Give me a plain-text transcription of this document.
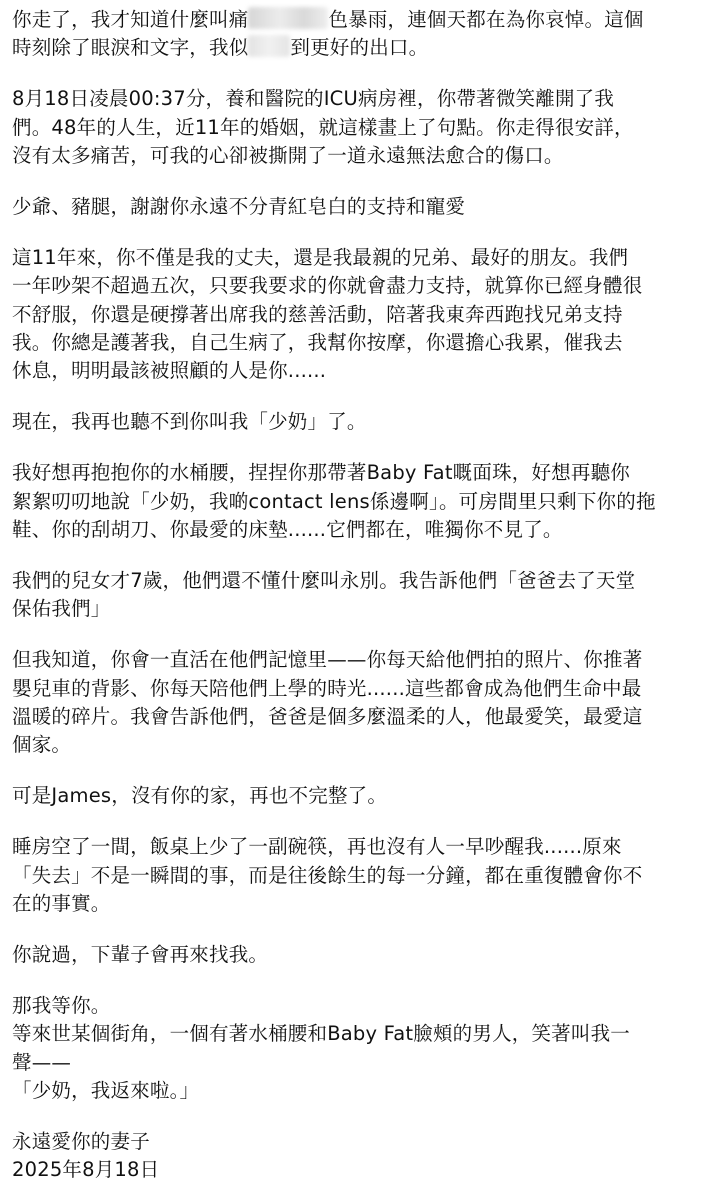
你走了，我才知道什麼叫痛	色暴雨，連個天都在為你哀悼。這個
時刻除了眼淚和文字，我似 到更好的出口。

8月18日凌晨00:37分，養和醫院的ICU病房裡，你帶著微笑離開了我
們。48年的人生，近11年的婚姻，就這樣畫上了句點。你走得很安詳，
沒有太多痛苦，可我的心卻被撕開了一道永遠無法愈合的傷口。

少爺、豬腿，謝謝你永遠不分青紅皂白的支持和寵愛

這11年來，你不僅是我的丈夫，還是我最親的兄弟、最好的朋友。我們
一年吵架不超過五次，只要我要求的你就會盡力支持，就算你已經身體很
不舒服，你還是硬撐著出席我的慈善活動，陪著我東奔西跑找兄弟支持
我。你總是護著我，自己生病了，我幫你按摩，你還擔心我累，催我去
休息，明明最該被照顧的人是你......

現在，我再也聽不到你叫我「少奶」了。

我好想再抱抱你的水桶腰，捏捏你那帶著Baby Fat嘅面珠，好想再聽你
絮絮叨叨地說「少奶，我啲contact lens係邊啊」。可房間里只剩下你的拖
鞋、你的刮胡刀、你最愛的床墊......它們都在，唯獨你不見了。

我們的兒女才7歲，他們還不懂什麼叫永別。我告訴他們「爸爸去了天堂
保佑我們」

但我知道，你會一直活在他們記憶里——你每天給他們拍的照片、你推著
嬰兒車的背影、你每天陪他們上學的時光......這些都會成為他們生命中最
溫暖的碎片。我會告訴他們，爸爸是個多麼溫柔的人，他最愛笑，最愛這
個家。

可是James，沒有你的家，再也不完整了。

睡房空了一間，飯桌上少了一副碗筷，再也沒有人一早吵醒我......原來
「失去」不是一瞬間的事，而是往後餘生的每一分鐘，都在重復體會你不
在的事實。

你說過，下輩子會再來找我。

那我等你。
等來世某個街角，一個有著水桶腰和Baby Fat臉頰的男人，笑著叫我一
聲——
「少奶，我返來啦。」

永遠愛你的妻子
2025年8月18日
